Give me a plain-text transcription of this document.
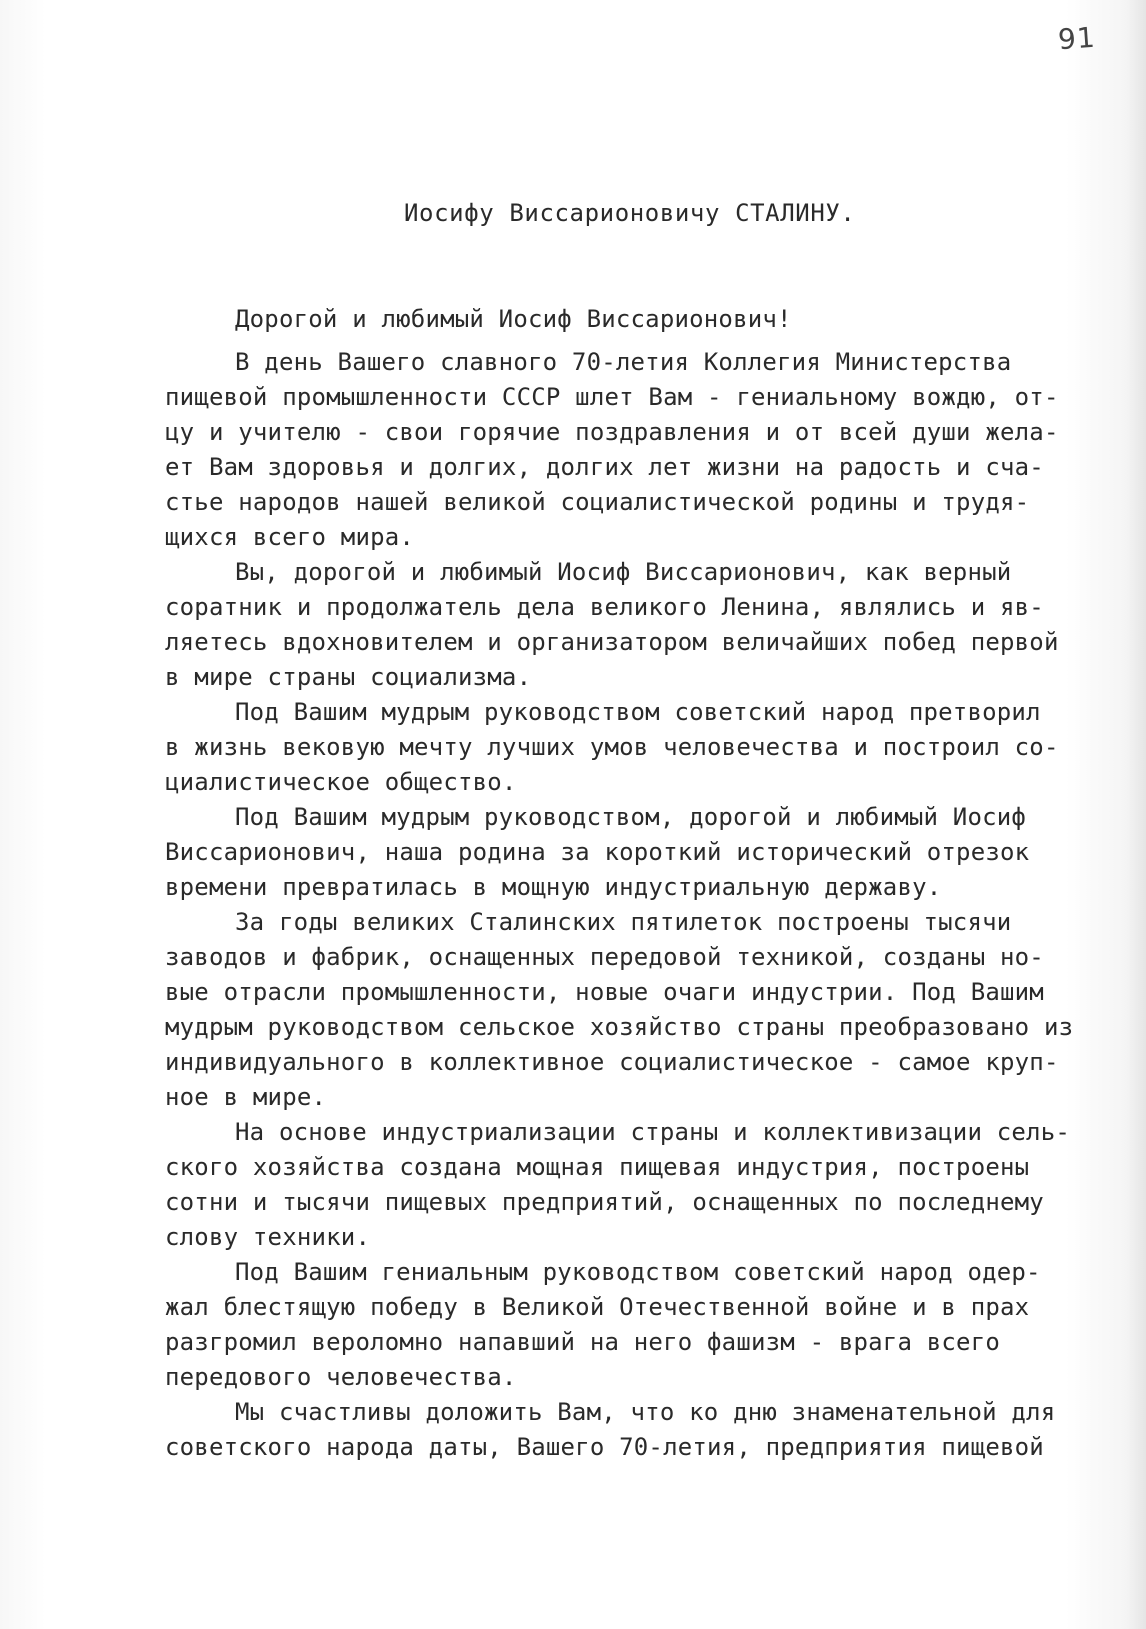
91
Иосифу Виссарионовичу СТАЛИНУ.
Дорогой и любимый Иосиф Виссарионович!
В день Вашего славного 70-летия Коллегия Министерства
пищевой промышленности СССР шлет Вам - гениальному вождю, от-
цу и учителю - свои горячие поздравления и от всей души жела-
ет Вам здоровья и долгих, долгих лет жизни на радость и сча-
стье народов нашей великой социалистической родины и трудя-
щихся всего мира.
Вы, дорогой и любимый Иосиф Виссарионович, как верный
соратник и продолжатель дела великого Ленина, являлись и яв-
ляетесь вдохновителем и организатором величайших побед первой
в мире страны социализма.
Под Вашим мудрым руководством советский народ претворил
в жизнь вековую мечту лучших умов человечества и построил со-
циалистическое общество.
Под Вашим мудрым руководством, дорогой и любимый Иосиф
Виссарионович, наша родина за короткий исторический отрезок
времени превратилась в мощную индустриальную державу.
За годы великих Сталинских пятилеток построены тысячи
заводов и фабрик, оснащенных передовой техникой, созданы но-
вые отрасли промышленности, новые очаги индустрии. Под Вашим
мудрым руководством сельское хозяйство страны преобразовано из
индивидуального в коллективное социалистическое - самое круп-
ное в мире.
На основе индустриализации страны и коллективизации сель-
ского хозяйства создана мощная пищевая индустрия, построены
сотни и тысячи пищевых предприятий, оснащенных по последнему
слову техники.
Под Вашим гениальным руководством советский народ одер-
жал блестящую победу в Великой Отечественной войне и в прах
разгромил вероломно напавший на него фашизм - врага всего
передового человечества.
Мы счастливы доложить Вам, что ко дню знаменательной для
советского народа даты, Вашего 70-летия, предприятия пищевой
